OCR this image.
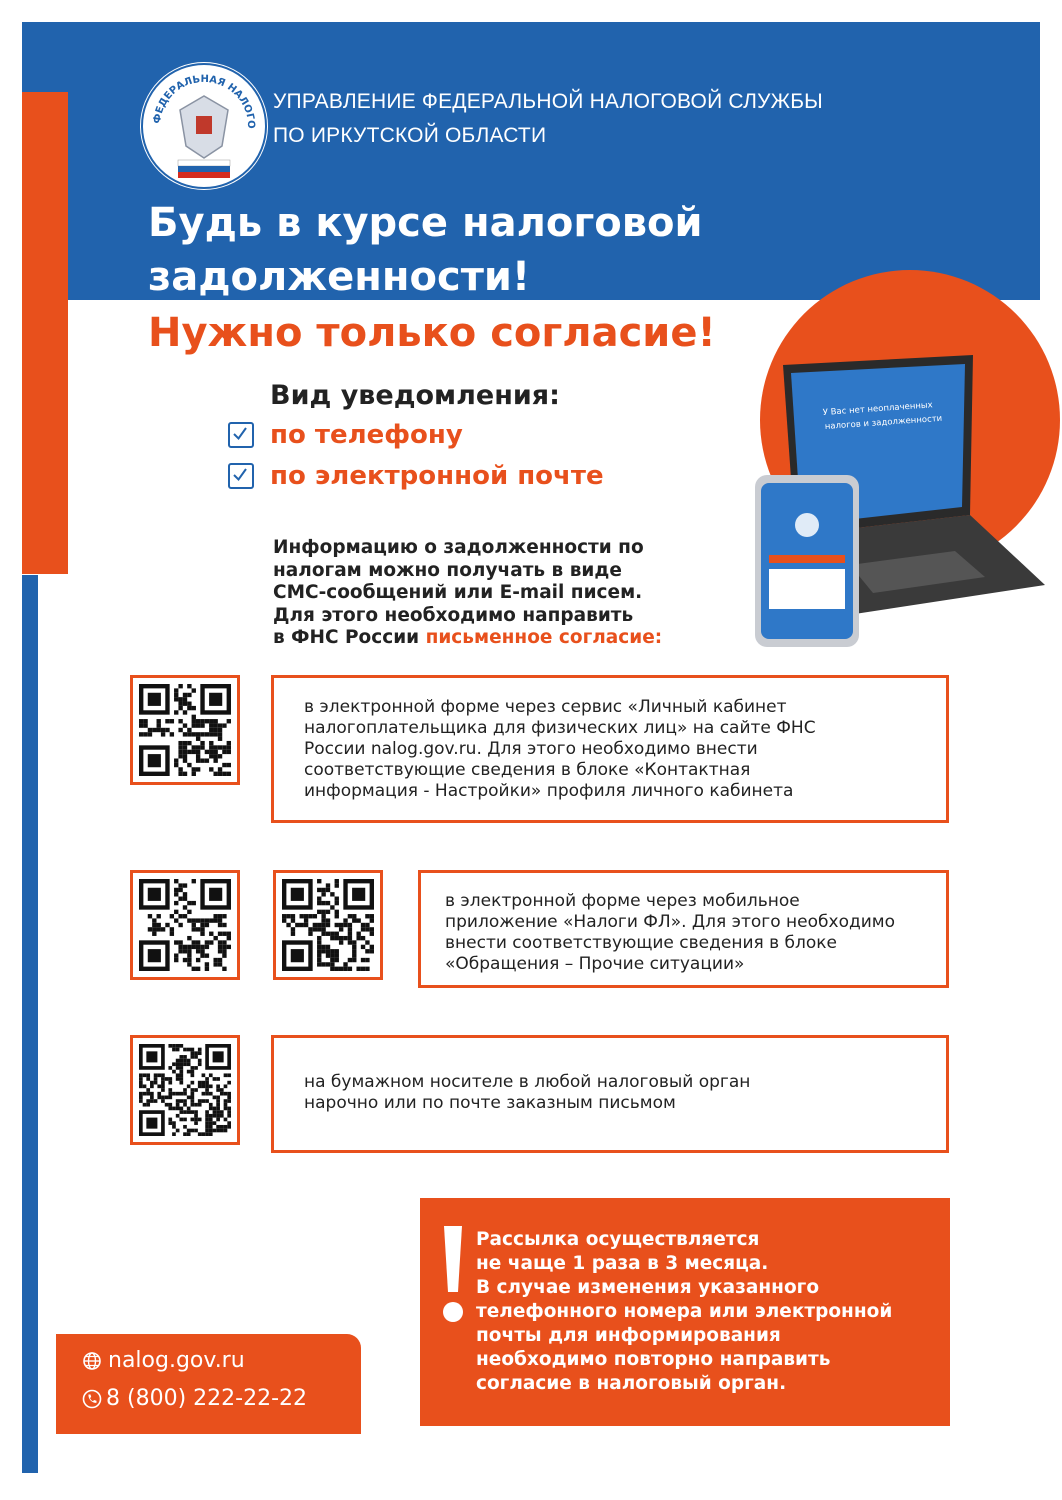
ФЕДЕРАЛЬНАЯ НАЛОГО
УПРАВЛЕНИЕ ФЕДЕРАЛЬНОЙ НАЛОГОВОЙ СЛУЖБЫ
ПО ИРКУТСКОЙ ОБЛАСТИ
Будь в курсе налоговой
задолженности!
Нужно только согласие!
Вид уведомления:
по телефону
по электронной почте
У Вас нет неоплаченных
налогов и задолженности
Информацию о задолженности по
налогам можно получать в виде
СМС-сообщений или E-mail писем.
Для этого необходимо направить
в ФНС России письменное согласие:
в электронной форме через сервис «Личный кабинет
налогоплательщика для физических лиц» на сайте ФНС
России nalog.gov.ru. Для этого необходимо внести
соответствующие сведения в блоке «Контактная
информация - Настройки» профиля личного кабинета
в электронной форме через мобильное
приложение «Налоги ФЛ». Для этого необходимо
внести соответствующие сведения в блоке
«Обращения – Прочие ситуации»
на бумажном носителе в любой налоговый орган
нарочно или по почте заказным письмом
Рассылка осуществляется
не чаще 1 раза в 3 месяца.
В случае изменения указанного
телефонного номера или электронной
почты для информирования
необходимо повторно направить
согласие в налоговый орган.
nalog.gov.ru
8 (800) 222-22-22
